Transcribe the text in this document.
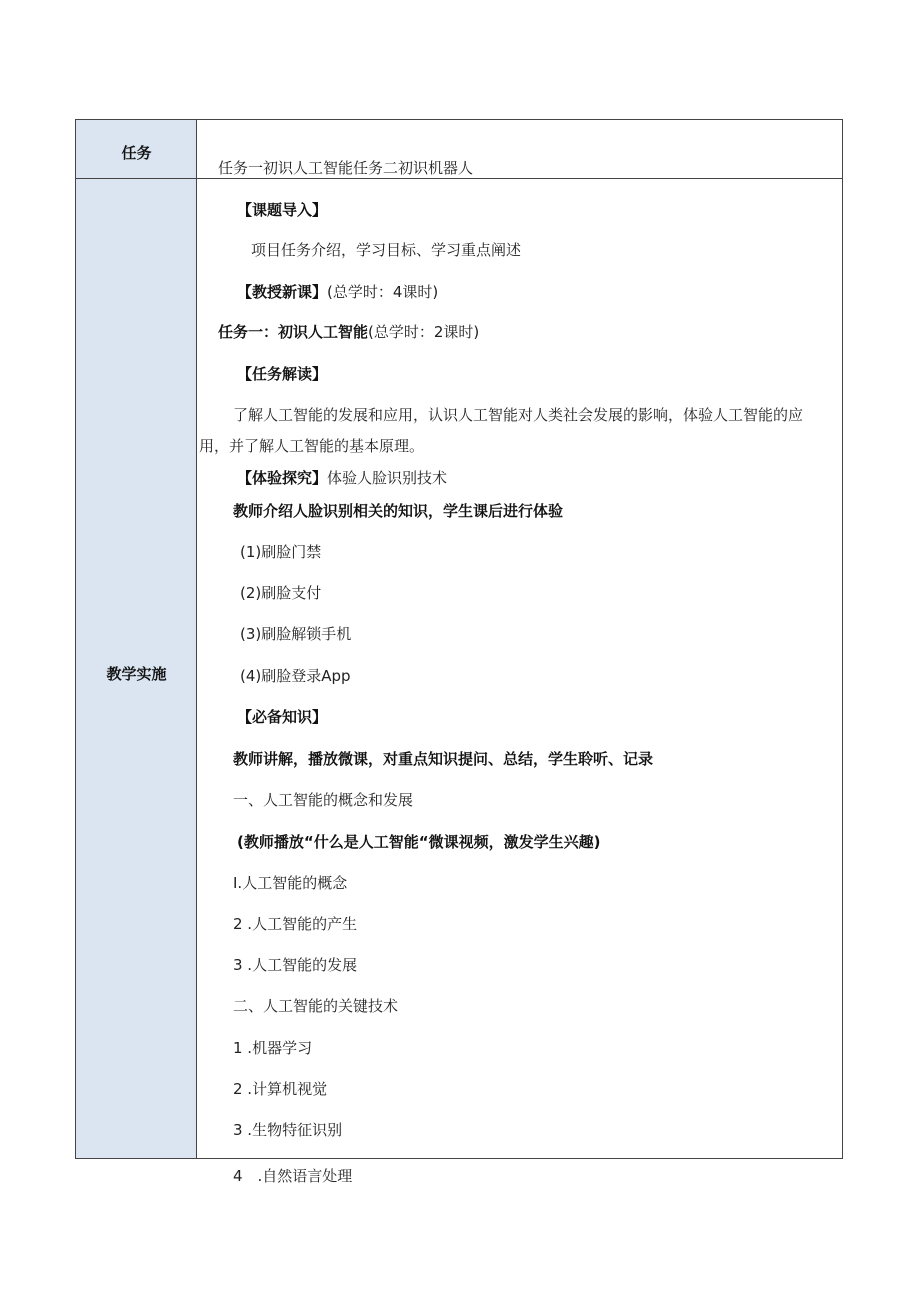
任务
教学实施
任务一初识人工智能任务二初识机器人
【课题导入】
项目任务介绍，学习目标、学习重点阐述
【教授新课】(总学时：4课时)
任务一：初识人工智能(总学时：2课时)
【任务解读】
了解人工智能的发展和应用，认识人工智能对人类社会发展的影响，体验人工智能的应
用，并了解人工智能的基本原理。
【体验探究】体验人脸识别技术
教师介绍人脸识别相关的知识，学生课后进行体验
(1)刷脸门禁
(2)刷脸支付
(3)刷脸解锁手机
(4)刷脸登录App
【必备知识】
教师讲解，播放微课，对重点知识提问、总结，学生聆听、记录
一、人工智能的概念和发展
(教师播放“什么是人工智能“微课视频，激发学生兴趣)
I.人工智能的概念
2 .人工智能的产生
3 .人工智能的发展
二、人工智能的关键技术
1 .机器学习
2 .计算机视觉
3 .生物特征识别
4　.自然语言处理
